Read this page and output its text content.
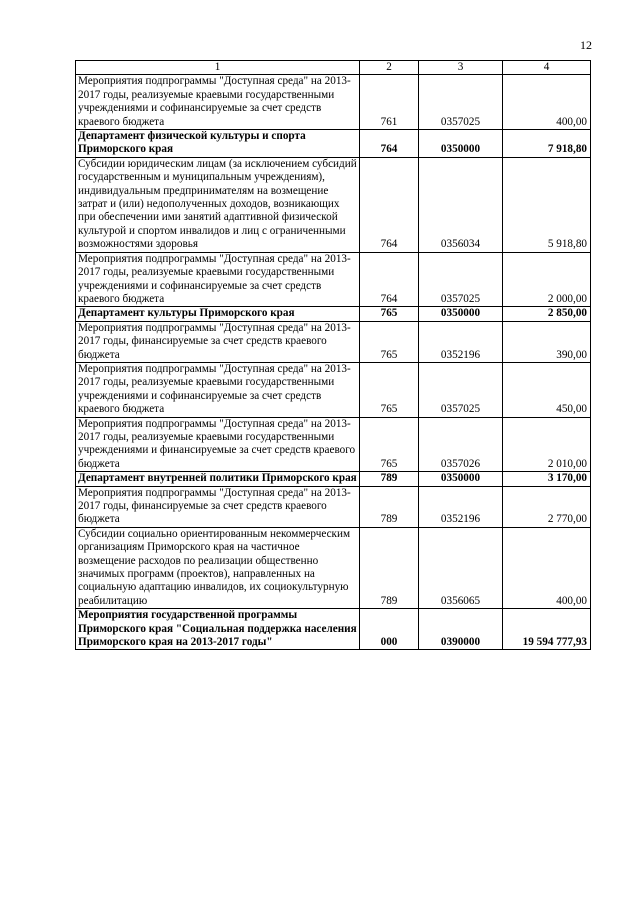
12
1	2	3	4
Мероприятия подпрограммы "Доступная среда" на 2013-2017 годы, реализуемые краевыми государственными учреждениями и софинансируемые за счет средств краевого бюджета	761	0357025	400,00
Департамент физической культуры и спорта Приморского края	764	0350000	7 918,80
Субсидии юридическим лицам (за исключением субсидий государственным и муниципальным учреждениям), индивидуальным предпринимателям на возмещение затрат и (или) недополученных доходов, возникающих при обеспечении ими занятий адаптивной физической культурой и спортом инвалидов и лиц с ограниченными возможностями здоровья	764	0356034	5 918,80
Мероприятия подпрограммы "Доступная среда" на 2013-2017 годы, реализуемые краевыми государственными учреждениями и софинансируемые за счет средств краевого бюджета	764	0357025	2 000,00
Департамент культуры Приморского края	765	0350000	2 850,00
Мероприятия подпрограммы "Доступная среда" на 2013-2017 годы, финансируемые за счет средств краевого бюджета	765	0352196	390,00
Мероприятия подпрограммы "Доступная среда" на 2013-2017 годы, реализуемые краевыми государственными учреждениями и софинансируемые за счет средств краевого бюджета	765	0357025	450,00
Мероприятия подпрограммы "Доступная среда" на 2013-2017 годы, реализуемые краевыми государственными учреждениями и финансируемые за счет средств краевого бюджета	765	0357026	2 010,00
Департамент внутренней политики Приморского края	789	0350000	3 170,00
Мероприятия подпрограммы "Доступная среда" на 2013-2017 годы, финансируемые за счет средств краевого бюджета	789	0352196	2 770,00
Субсидии социально ориентированным некоммерческим организациям Приморского края на частичное возмещение расходов по реализации общественно значимых программ (проектов), направленных на социальную адаптацию инвалидов, их социокультурную реабилитацию	789	0356065	400,00
Мероприятия государственной программы Приморского края "Социальная поддержка населения Приморского края на 2013-2017 годы"	000	0390000	19 594 777,93
